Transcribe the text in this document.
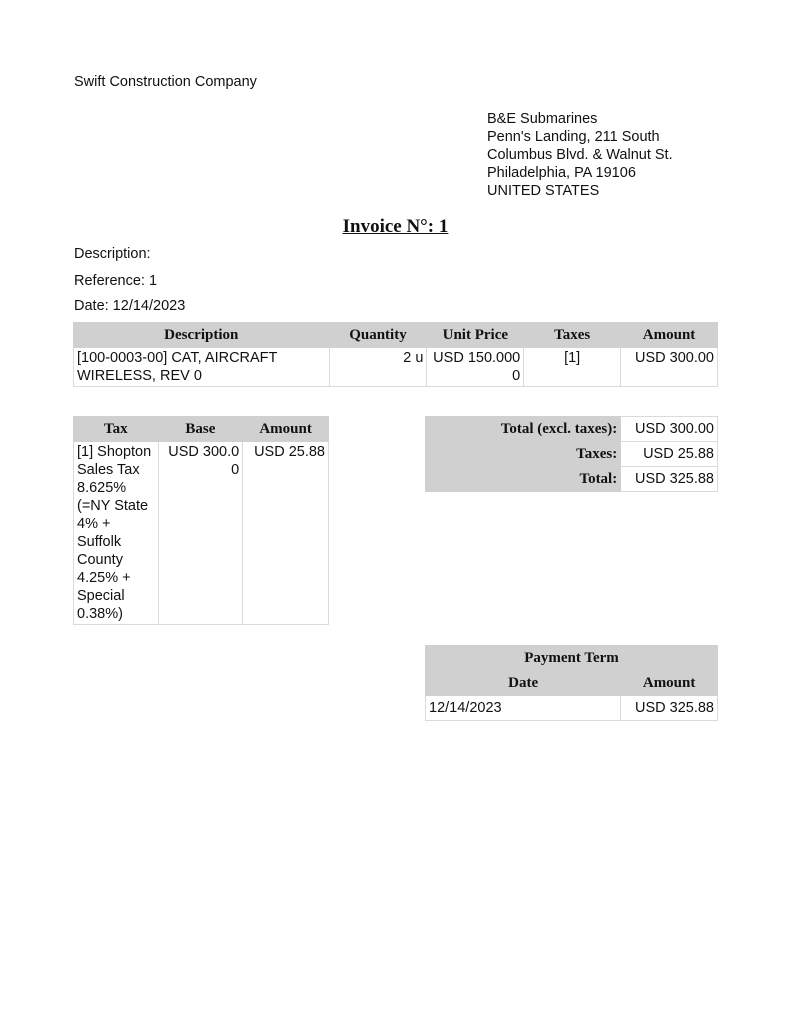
Swift Construction Company
B&E Submarines
Penn's Landing, 211 South
Columbus Blvd. & Walnut St.
Philadelphia, PA 19106
UNITED STATES
Invoice N°: 1
Description:
Reference: 1
Date: 12/14/2023
Description	Quantity	Unit Price	Taxes	Amount
[100-0003-00] CAT, AIRCRAFT WIRELESS, REV 0	2 u	USD 150.0000	[1]	USD 300.00
Tax	Base	Amount
[1] Shopton Sales Tax 8.625% (=NY State 4% + Suffolk County 4.25% + Special 0.38%)	USD 300.00	USD 25.88
Total (excl. taxes):	USD 300.00
Taxes:	USD 25.88
Total:	USD 325.88
Payment Term	
Date	Amount
12/14/2023	USD 325.88
